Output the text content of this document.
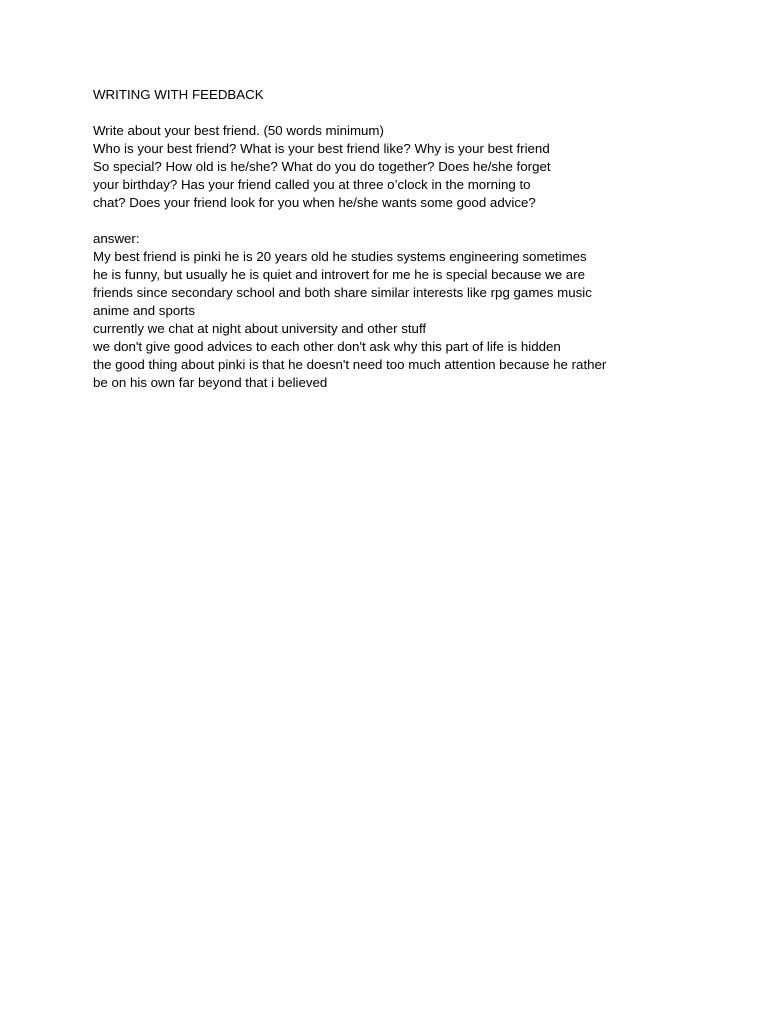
WRITING WITH FEEDBACK
Write about your best friend. (50 words minimum)
Who is your best friend? What is your best friend like? Why is your best friend
So special? How old is he/she? What do you do together? Does he/she forget
your birthday? Has your friend called you at three o’clock in the morning to
chat? Does your friend look for you when he/she wants some good advice?
answer:
My best friend is pinki he is 20 years old he studies systems engineering sometimes
he is funny, but usually he is quiet and introvert for me he is special because we are
friends since secondary school and both share similar interests like rpg games music
anime and sports
currently we chat at night about university and other stuff
we don't give good advices to each other don't ask why this part of life is hidden
the good thing about pinki is that he doesn't need too much attention because he rather
be on his own far beyond that i believed
